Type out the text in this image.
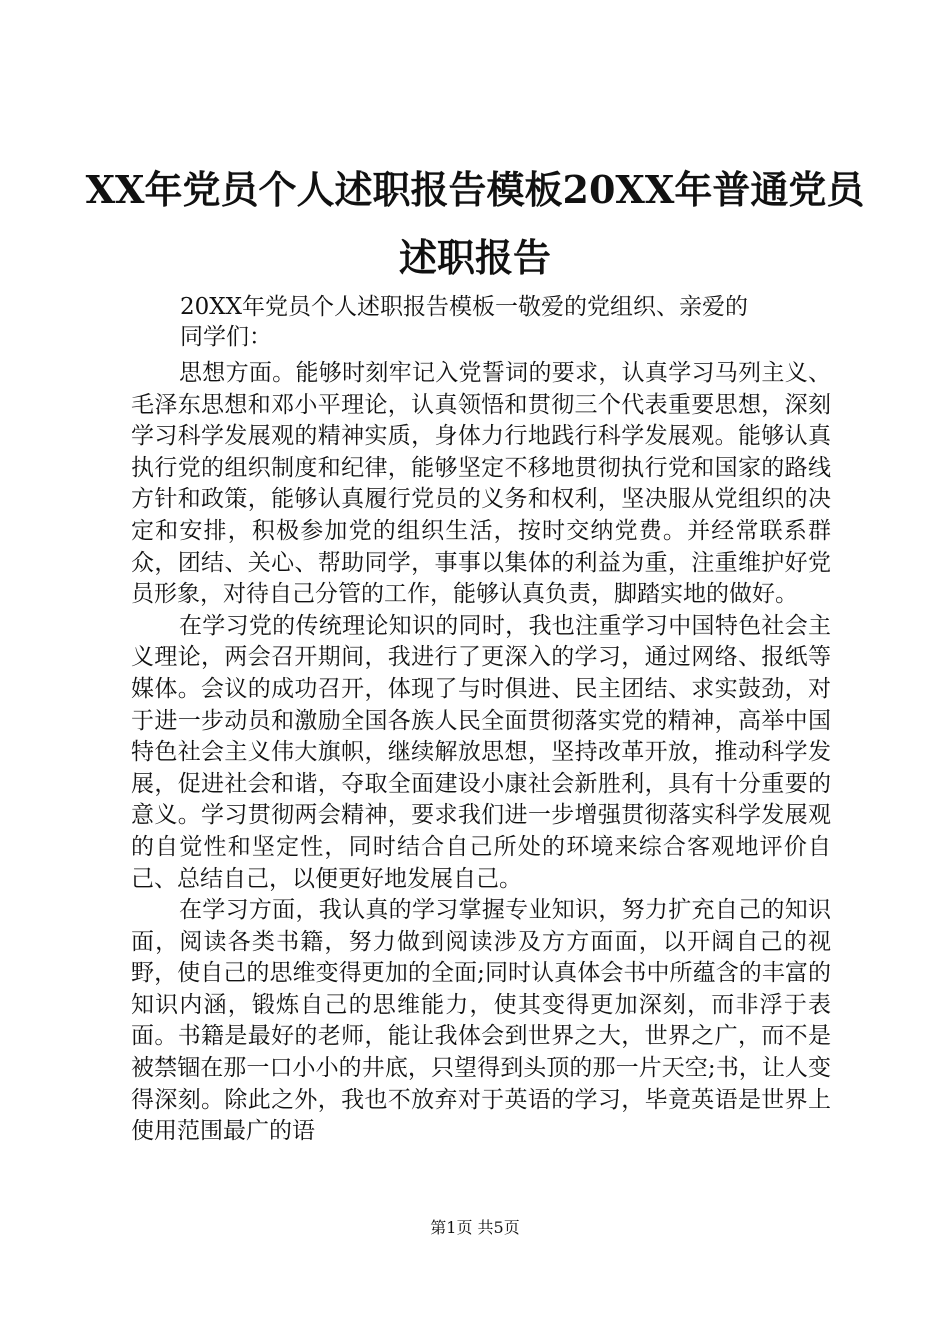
XX年党员个人述职报告模板20XX年普通党员
述职报告
20XX年党员个人述职报告模板一敬爱的党组织、亲爱的
同学们：

思想方面。能够时刻牢记入党誓词的要求，认真学习马列主义、毛泽东思想和邓小平理论，认真领悟和贯彻三个代表重要思想，深刻学习科学发展观的精神实质，身体力行地践行科学发展观。能够认真执行党的组织制度和纪律，能够坚定不移地贯彻执行党和国家的路线方针和政策，能够认真履行党员的义务和权利，坚决服从党组织的决定和安排，积极参加党的组织生活，按时交纳党费。并经常联系群众，团结、关心、帮助同学，事事以集体的利益为重，注重维护好党员形象，对待自己分管的工作，能够认真负责，脚踏实地的做好。

在学习党的传统理论知识的同时，我也注重学习中国特色社会主义理论，两会召开期间，我进行了更深入的学习，通过网络、报纸等媒体。会议的成功召开，体现了与时俱进、民主团结、求实鼓劲，对于进一步动员和激励全国各族人民全面贯彻落实党的精神，高举中国特色社会主义伟大旗帜，继续解放思想，坚持改革开放，推动科学发展，促进社会和谐，夺取全面建设小康社会新胜利，具有十分重要的意义。学习贯彻两会精神，要求我们进一步增强贯彻落实科学发展观的自觉性和坚定性，同时结合自己所处的环境来综合客观地评价自己、总结自己，以便更好地发展自己。

在学习方面，我认真的学习掌握专业知识，努力扩充自己的知识面，阅读各类书籍，努力做到阅读涉及方方面面，以开阔自己的视野，使自己的思维变得更加的全面;同时认真体会书中所蕴含的丰富的知识内涵，锻炼自己的思维能力，使其变得更加深刻，而非浮于表面。书籍是最好的老师，能让我体会到世界之大，世界之广，而不是被禁锢在那一口小小的井底，只望得到头顶的那一片天空;书，让人变得深刻。除此之外，我也不放弃对于英语的学习，毕竟英语是世界上使用范围最广的语

第1页 共5页
